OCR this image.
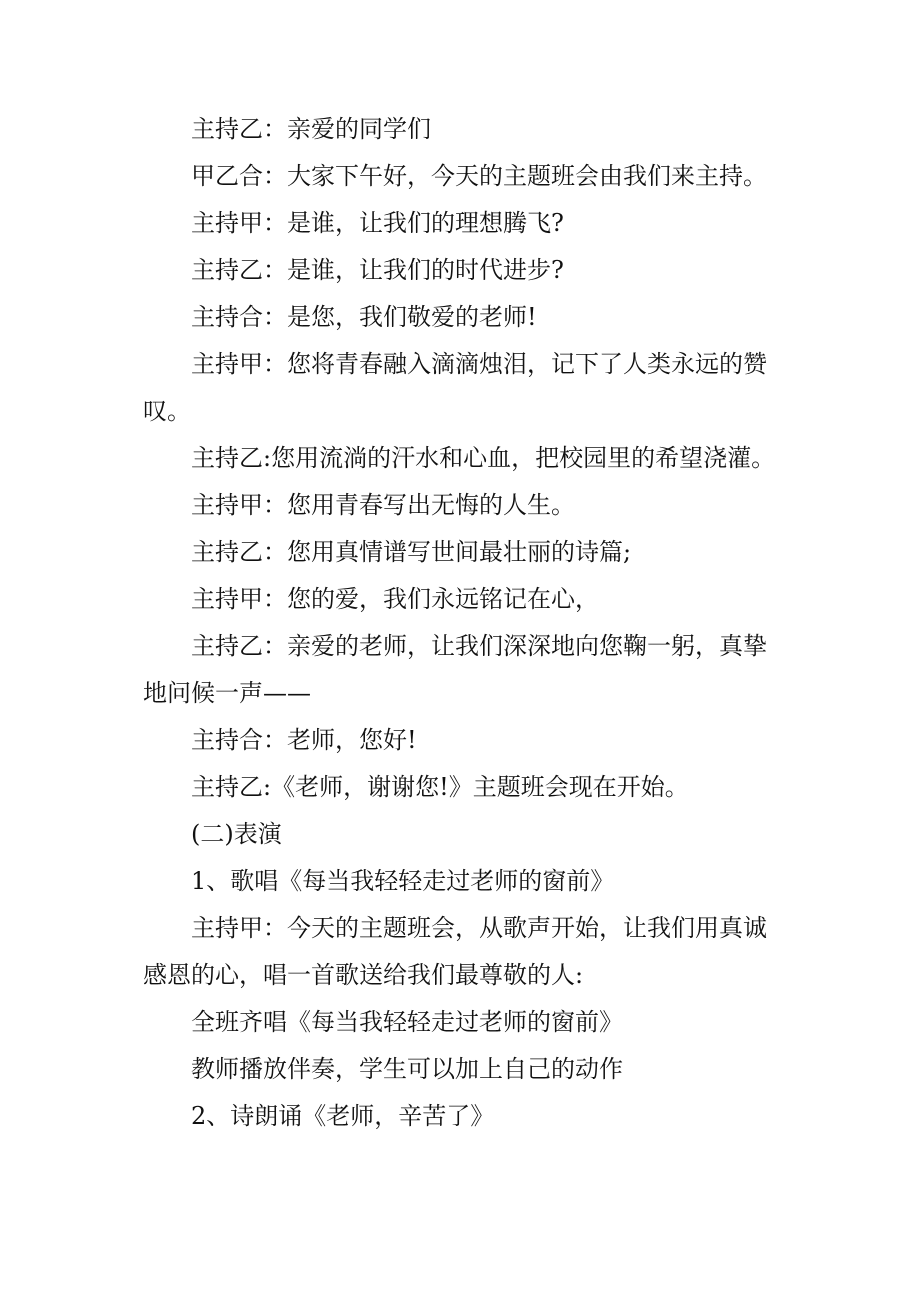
主持乙：亲爱的同学们

甲乙合：大家下午好，今天的主题班会由我们来主持。

主持甲：是谁，让我们的理想腾飞?

主持乙：是谁，让我们的时代进步?

主持合：是您，我们敬爱的老师!

主持甲：您将青春融入滴滴烛泪，记下了人类永远的赞叹。

主持乙:您用流淌的汗水和心血，把校园里的希望浇灌。

主持甲：您用青春写出无悔的人生。

主持乙：您用真情谱写世间最壮丽的诗篇;

主持甲：您的爱，我们永远铭记在心，

主持乙：亲爱的老师，让我们深深地向您鞠一躬，真挚地问候一声——

主持合：老师，您好!

主持乙:《老师，谢谢您!》主题班会现在开始。

(二)表演

1、歌唱《每当我轻轻走过老师的窗前》

主持甲：今天的主题班会，从歌声开始，让我们用真诚感恩的心，唱一首歌送给我们最尊敬的人:

全班齐唱《每当我轻轻走过老师的窗前》

教师播放伴奏，学生可以加上自己的动作

2、诗朗诵《老师，辛苦了》
